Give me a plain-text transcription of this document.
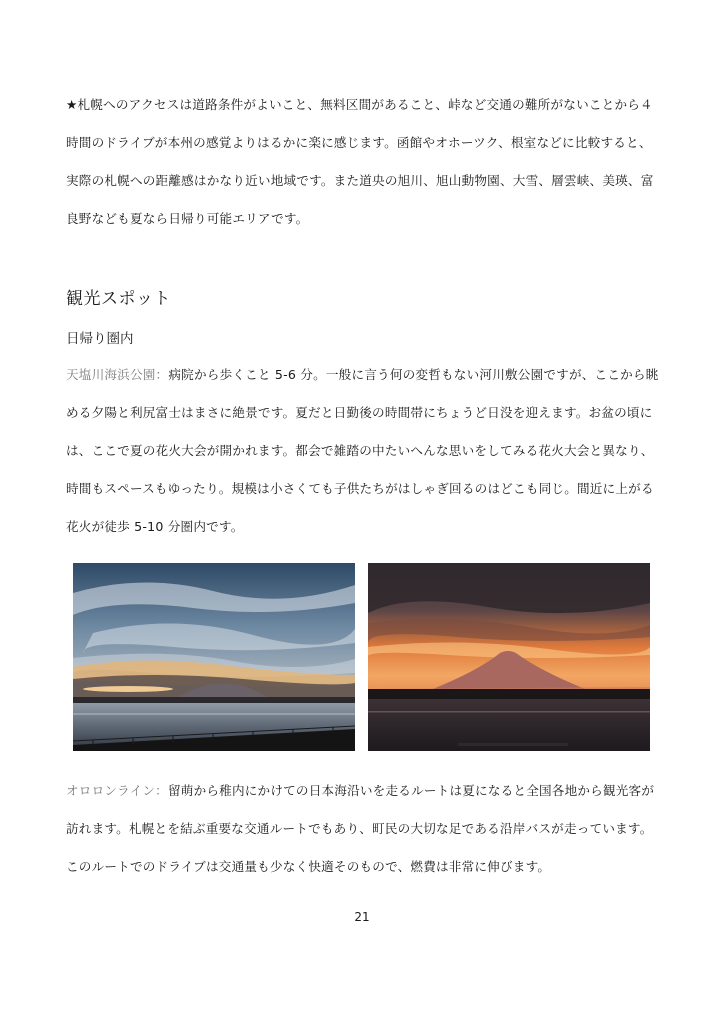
★札幌へのアクセスは道路条件がよいこと、無料区間があること、峠など交通の難所がないことから４時間のドライブが本州の感覚よりはるかに楽に感じます。函館やオホーツク、根室などに比較すると、実際の札幌への距離感はかなり近い地域です。また道央の旭川、旭山動物園、大雪、層雲峡、美瑛、富良野なども夏なら日帰り可能エリアです。

観光スポット
日帰り圏内

天塩川海浜公園：病院から歩くこと 5-6 分。一般に言う何の変哲もない河川敷公園ですが、ここから眺める夕陽と利尻富士はまさに絶景です。夏だと日勤後の時間帯にちょうど日没を迎えます。お盆の頃には、ここで夏の花火大会が開かれます。都会で雑踏の中たいへんな思いをしてみる花火大会と異なり、時間もスペースもゆったり。規模は小さくても子供たちがはしゃぎ回るのはどこも同じ。間近に上がる花火が徒歩 5-10 分圏内です。

オロロンライン：留萌から稚内にかけての日本海沿いを走るルートは夏になると全国各地から観光客が訪れます。札幌とを結ぶ重要な交通ルートでもあり、町民の大切な足である沿岸バスが走っています。このルートでのドライブは交通量も少なく快適そのもので、燃費は非常に伸びます。

21
